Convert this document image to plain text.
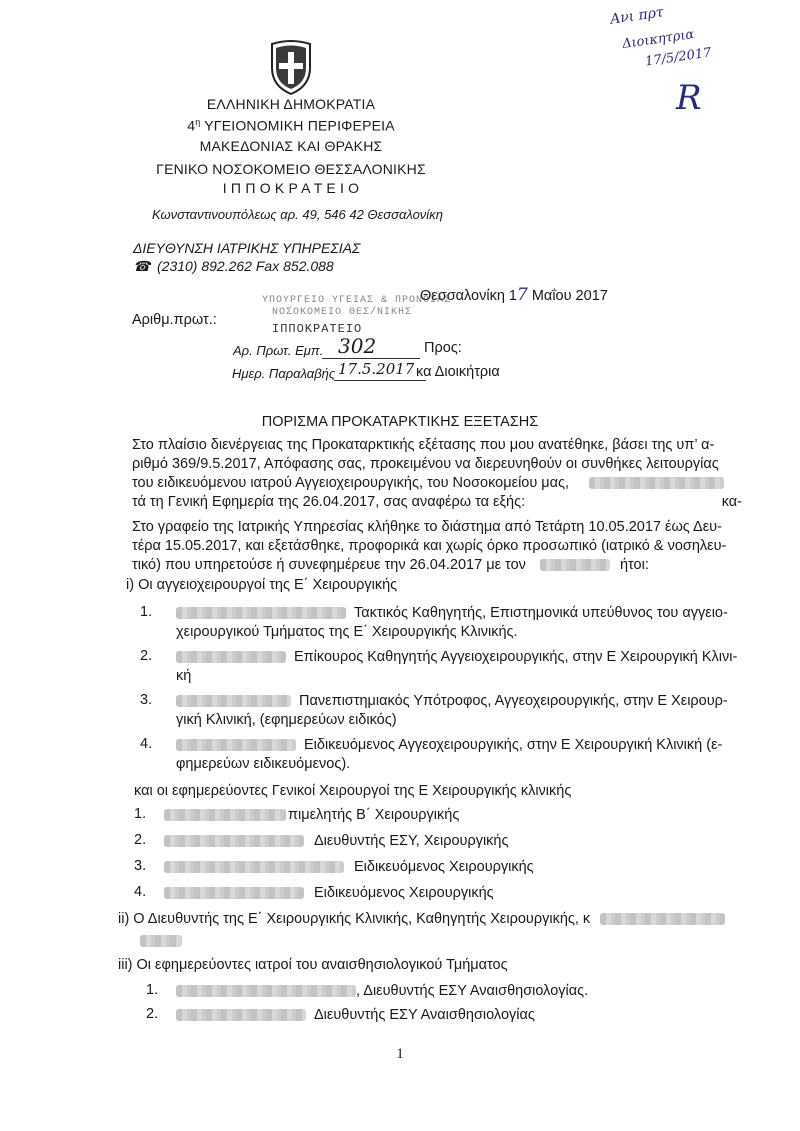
ΕΛΛΗΝΙΚΗ ΔΗΜΟΚΡΑΤΙΑ
$4^\eta$ ΥΓΕΙΟΝΟΜΙΚΗ ΠΕΡΙΦΕΡΕΙΑ
ΜΑΚΕΔΟΝΙΑΣ ΚΑΙ ΘΡΑΚΗΣ
ΓΕΝΙΚΟ ΝΟΣΟΚΟΜΕΙΟ ΘΕΣΣΑΛΟΝΙΚΗΣ
Ι Π Π Ο Κ Ρ Α Τ Ε Ι Ο
Κωνσταντινουπόλεως αρ. 49, 546 42 Θεσσαλονίκη
ΔΙΕΥΘΥΝΣΗ ΙΑΤΡΙΚΗΣ ΥΠΗΡΕΣΙΑΣ
☎ (2310) 892.262 Fax 852.088
Ανι πρτ
Διοικητρια
17/5/2017
R
Θεσσαλονίκη 17 Μαΐου 2017
Αριθμ.πρωτ.:
ΥΠΟΥΡΓΕΙΟ ΥΓΕΙΑΣ & ΠΡΟΝΟΙΑΣ
ΝΟΣΟΚΟΜΕΙΟ ΘΕΣ/ΝΙΚΗΣ
ΙΠΠΟΚΡΑΤΕΙΟ
Αρ. Πρωτ. Εμπ. 302	Προς:
Ημερ. Παραλαβής 17.5.2017 κα Διοικήτρια
ΠΟΡΙΣΜΑ ΠΡΟΚΑΤΑΡΚΤΙΚΗΣ ΕΞΕΤΑΣΗΣ
Στο πλαίσιο διενέργειας της Προκαταρκτικής εξέτασης που μου ανατέθηκε, βάσει της υπ’ α-
ριθμό 369/9.5.2017, Απόφασης σας, προκειμένου να διερευνηθούν οι συνθήκες λειτουργίας
του ειδικευόμενου ιατρού Αγγειοχειρουργικής, του Νοσοκομείου μας,
κα-
τά τη Γενική Εφημερία της 26.04.2017, σας αναφέρω τα εξής:
Στο γραφείο της Ιατρικής Υπηρεσίας κλήθηκε το διάστημα από Τετάρτη 10.05.2017 έως Δευ-
τέρα 15.05.2017, και εξετάσθηκε, προφορικά και χωρίς όρκο προσωπικό (ιατρικό & νοσηλευ-
τικό) που υπηρετούσε ή συνεφημέρευε την 26.04.2017 με τον	ήτοι:
i) Οι αγγειοχειρουργοί της Ε΄ Χειρουργικής
1.	Τακτικός Καθηγητής, Επιστημονικά υπεύθυνος του αγγειο-
χειρουργικού Τμήματος της Ε΄ Χειρουργικής Κλινικής.
2.	Επίκουρος Καθηγητής Αγγειοχειρουργικής, στην Ε Χειρουργική Κλινι-
κή
3.	Πανεπιστημιακός Υπότροφος, Αγγεοχειρουργικής, στην Ε Χειρουρ-
γική Κλινική, (εφημερεύων ειδικός)
4.	Ειδικευόμενος Αγγεοχειρουργικής, στην Ε Χειρουργική Κλινική (ε-
φημερεύων ειδικευόμενος).
και οι εφημερεύοντες Γενικοί Χειρουργοί της Ε Χειρουργικής κλινικής
1.	πιμελητής Β΄ Χειρουργικής
2.	Διευθυντής ΕΣΥ, Χειρουργικής
3.	Ειδικευόμενος Χειρουργικής
4.	Ειδικευόμενος Χειρουργικής
ii) Ο Διευθυντής της Ε΄ Χειρουργικής Κλινικής, Καθηγητής Χειρουργικής, κ
iii) Οι εφημερεύοντες ιατροί του αναισθησιολογικού Τμήματος
1.	, Διευθυντής ΕΣΥ Αναισθησιολογίας.
2.	Διευθυντής ΕΣΥ Αναισθησιολογίας
1
